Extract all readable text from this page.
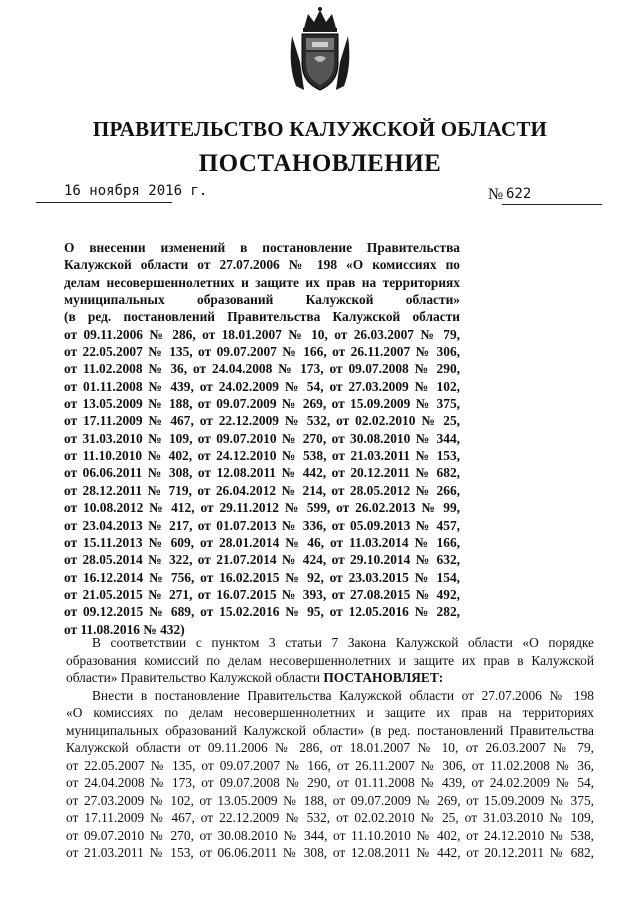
ПРАВИТЕЛЬСТВО КАЛУЖСКОЙ ОБЛАСТИ
ПОСТАНОВЛЕНИЕ
16 ноября 2016 г.	№ 622
О внесении изменений в постановление Правительства
Калужской области от 27.07.2006 № 198 «О комиссиях по
делам несовершеннолетних и защите их прав на территориях
муниципальных образований Калужской области»
(в ред. постановлений Правительства Калужской области
от 09.11.2006 № 286, от 18.01.2007 № 10, от 26.03.2007 № 79,
от 22.05.2007 № 135, от 09.07.2007 № 166, от 26.11.2007 № 306,
от 11.02.2008 № 36, от 24.04.2008 № 173, от 09.07.2008 № 290,
от 01.11.2008 № 439, от 24.02.2009 № 54, от 27.03.2009 № 102,
от 13.05.2009 № 188, от 09.07.2009 № 269, от 15.09.2009 № 375,
от 17.11.2009 № 467, от 22.12.2009 № 532, от 02.02.2010 № 25,
от 31.03.2010 № 109, от 09.07.2010 № 270, от 30.08.2010 № 344,
от 11.10.2010 № 402, от 24.12.2010 № 538, от 21.03.2011 № 153,
от 06.06.2011 № 308, от 12.08.2011 № 442, от 20.12.2011 № 682,
от 28.12.2011 № 719, от 26.04.2012 № 214, от 28.05.2012 № 266,
от 10.08.2012 № 412, от 29.11.2012 № 599, от 26.02.2013 № 99,
от 23.04.2013 № 217, от 01.07.2013 № 336, от 05.09.2013 № 457,
от 15.11.2013 № 609, от 28.01.2014 № 46, от 11.03.2014 № 166,
от 28.05.2014 № 322, от 21.07.2014 № 424, от 29.10.2014 № 632,
от 16.12.2014 № 756, от 16.02.2015 № 92, от 23.03.2015 № 154,
от 21.05.2015 № 271, от 16.07.2015 № 393, от 27.08.2015 № 492,
от 09.12.2015 № 689, от 15.02.2016 № 95, от 12.05.2016 № 282,
от 11.08.2016 № 432)
В соответствии с пунктом 3 статьи 7 Закона Калужской области «О порядке
образования комиссий по делам несовершеннолетних и защите их прав в Калужской
области» Правительство Калужской области ПОСТАНОВЛЯЕТ:
Внести в постановление Правительства Калужской области от 27.07.2006 № 198
«О комиссиях по делам несовершеннолетних и защите их прав на территориях
муниципальных образований Калужской области» (в ред. постановлений Правительства
Калужской области от 09.11.2006 № 286, от 18.01.2007 № 10, от 26.03.2007 № 79,
от 22.05.2007 № 135, от 09.07.2007 № 166, от 26.11.2007 № 306, от 11.02.2008 № 36,
от 24.04.2008 № 173, от 09.07.2008 № 290, от 01.11.2008 № 439, от 24.02.2009 № 54,
от 27.03.2009 № 102, от 13.05.2009 № 188, от 09.07.2009 № 269, от 15.09.2009 № 375,
от 17.11.2009 № 467, от 22.12.2009 № 532, от 02.02.2010 № 25, от 31.03.2010 № 109,
от 09.07.2010 № 270, от 30.08.2010 № 344, от 11.10.2010 № 402, от 24.12.2010 № 538,
от 21.03.2011 № 153, от 06.06.2011 № 308, от 12.08.2011 № 442, от 20.12.2011 № 682,
